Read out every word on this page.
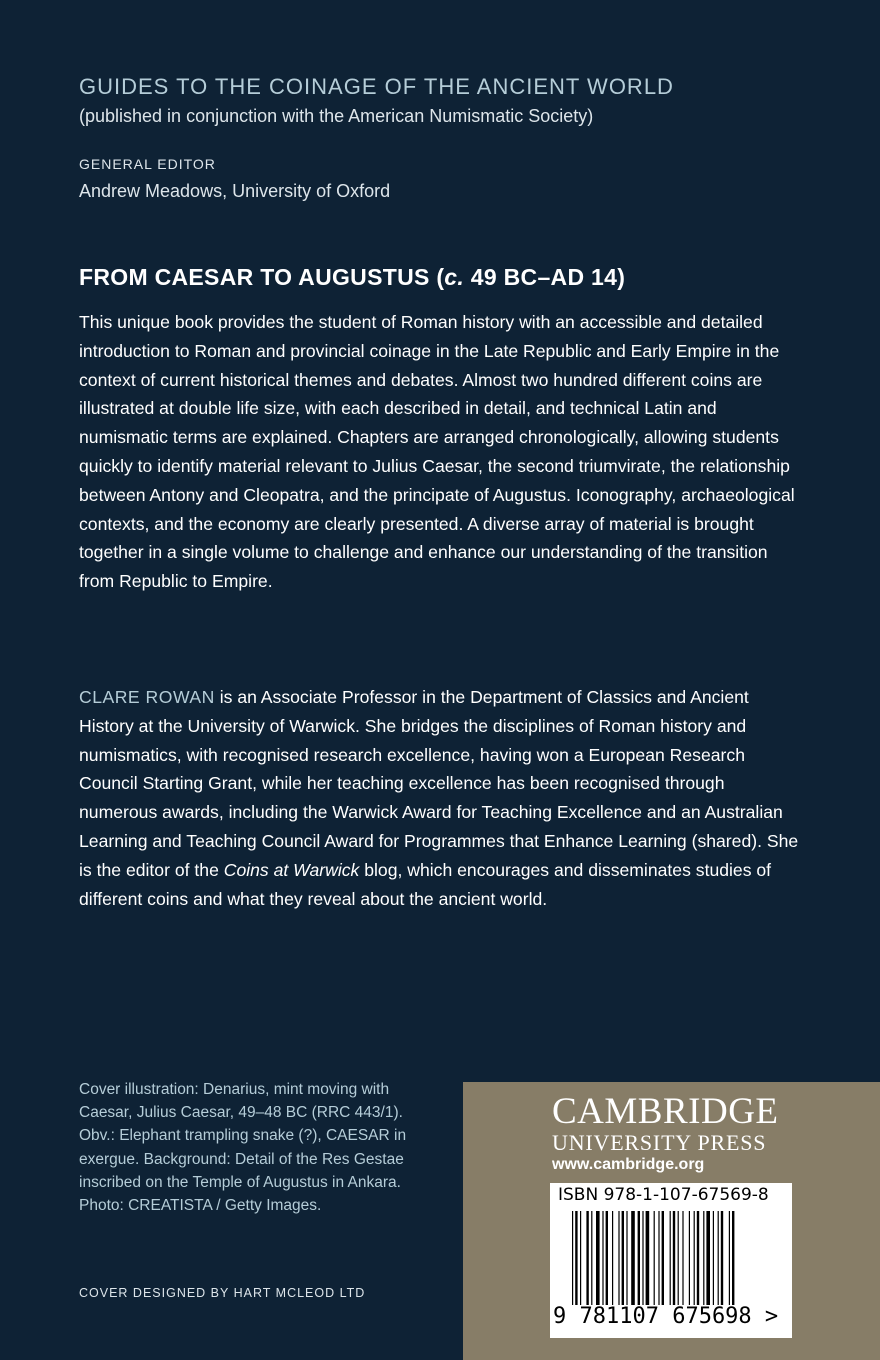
GUIDES TO THE COINAGE OF THE ANCIENT WORLD
(published in conjunction with the American Numismatic Society)
GENERAL EDITOR
Andrew Meadows, University of Oxford
FROM CAESAR TO AUGUSTUS (c. 49 BC–AD 14)
This unique book provides the student of Roman history with an accessible and detailed introduction to Roman and provincial coinage in the Late Republic and Early Empire in the context of current historical themes and debates. Almost two hundred different coins are illustrated at double life size, with each described in detail, and technical Latin and numismatic terms are explained. Chapters are arranged chronologically, allowing students quickly to identify material relevant to Julius Caesar, the second triumvirate, the relationship between Antony and Cleopatra, and the principate of Augustus. Iconography, archaeological contexts, and the economy are clearly presented. A diverse array of material is brought together in a single volume to challenge and enhance our understanding of the transition from Republic to Empire.
CLARE ROWAN is an Associate Professor in the Department of Classics and Ancient History at the University of Warwick. She bridges the disciplines of Roman history and numismatics, with recognised research excellence, having won a European Research Council Starting Grant, while her teaching excellence has been recognised through numerous awards, including the Warwick Award for Teaching Excellence and an Australian Learning and Teaching Council Award for Programmes that Enhance Learning (shared). She is the editor of the Coins at Warwick blog, which encourages and disseminates studies of different coins and what they reveal about the ancient world.
Cover illustration: Denarius, mint moving with Caesar, Julius Caesar, 49–48 BC (RRC 443/1). Obv.: Elephant trampling snake (?), CAESAR in exergue. Background: Detail of the Res Gestae inscribed on the Temple of Augustus in Ankara. Photo: CREATISTA / Getty Images.
COVER DESIGNED BY HART MCLEOD LTD
CAMBRIDGE
UNIVERSITY PRESS
www.cambridge.org
ISBN 978-1-107-67569-8
9 781107 675698 >
